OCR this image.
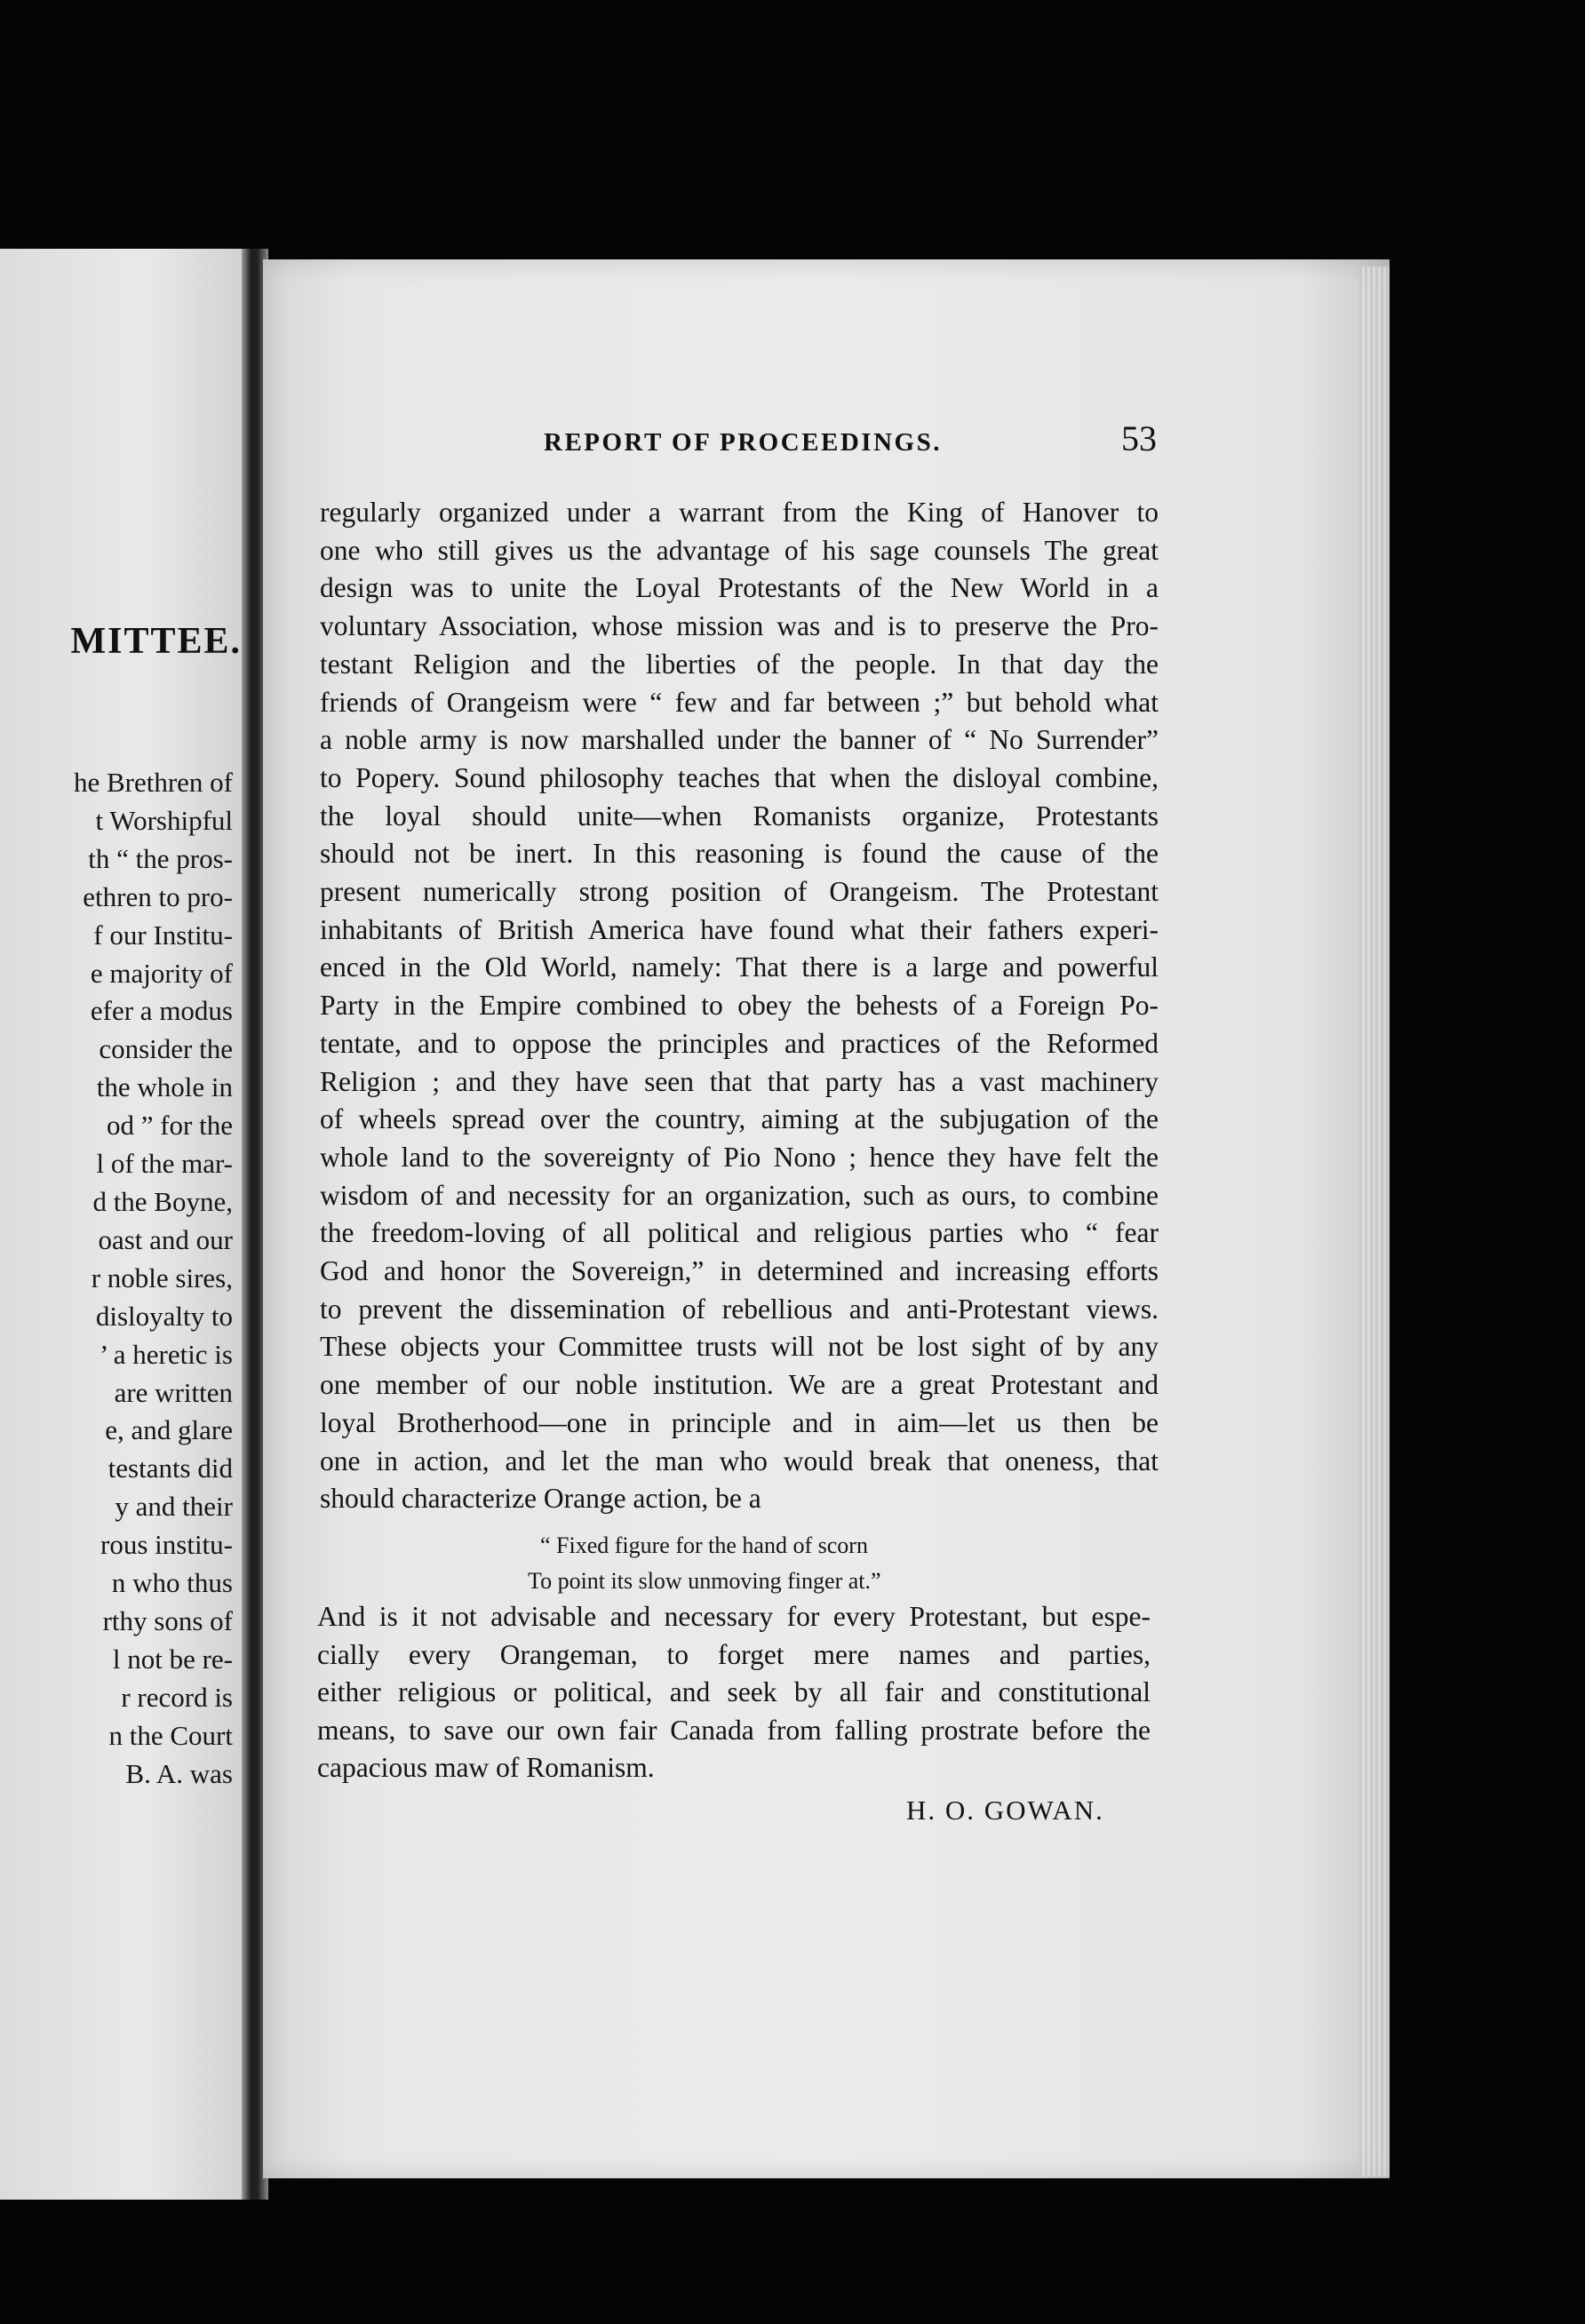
MITTEE.
he Brethren of
t Worshipful
th “ the pros-
ethren to pro-
f our Institu-
e majority of
efer a modus
consider the
the whole in
od ” for the
l of the mar-
d the Boyne,
oast and our
r noble sires,
disloyalty to
’ a heretic is
are written
e, and glare
testants did
y and their
rous institu-
n who thus
rthy sons of
l not be re-
r record is
n the Court
B. A. was
REPORT OF PROCEEDINGS.	53
regularly organized under a warrant from the King of Hanover to
one who still gives us the advantage of his sage counsels The great
design was to unite the Loyal Protestants of the New World in a
voluntary Association, whose mission was and is to preserve the Pro-
testant Religion and the liberties of the people. In that day the
friends of Orangeism were “ few and far between ;” but behold what
a noble army is now marshalled under the banner of “ No Surrender”
to Popery. Sound philosophy teaches that when the disloyal combine,
the loyal should unite—when Romanists organize, Protestants
should not be inert. In this reasoning is found the cause of the
present numerically strong position of Orangeism. The Protestant
inhabitants of British America have found what their fathers experi-
enced in the Old World, namely: That there is a large and powerful
Party in the Empire combined to obey the behests of a Foreign Po-
tentate, and to oppose the principles and practices of the Reformed
Religion ; and they have seen that that party has a vast machinery
of wheels spread over the country, aiming at the subjugation of the
whole land to the sovereignty of Pio Nono ; hence they have felt the
wisdom of and necessity for an organization, such as ours, to combine
the freedom-loving of all political and religious parties who “ fear
God and honor the Sovereign,” in determined and increasing efforts
to prevent the dissemination of rebellious and anti-Protestant views.
These objects your Committee trusts will not be lost sight of by any
one member of our noble institution. We are a great Protestant and
loyal Brotherhood—one in principle and in aim—let us then be
one in action, and let the man who would break that oneness, that
should characterize Orange action, be a
“ Fixed figure for the hand of scorn
To point its slow unmoving finger at.”
And is it not advisable and necessary for every Protestant, but espe-
cially every Orangeman, to forget mere names and parties,
either religious or political, and seek by all fair and constitutional
means, to save our own fair Canada from falling prostrate before the
capacious maw of Romanism.
H. O. GOWAN.
